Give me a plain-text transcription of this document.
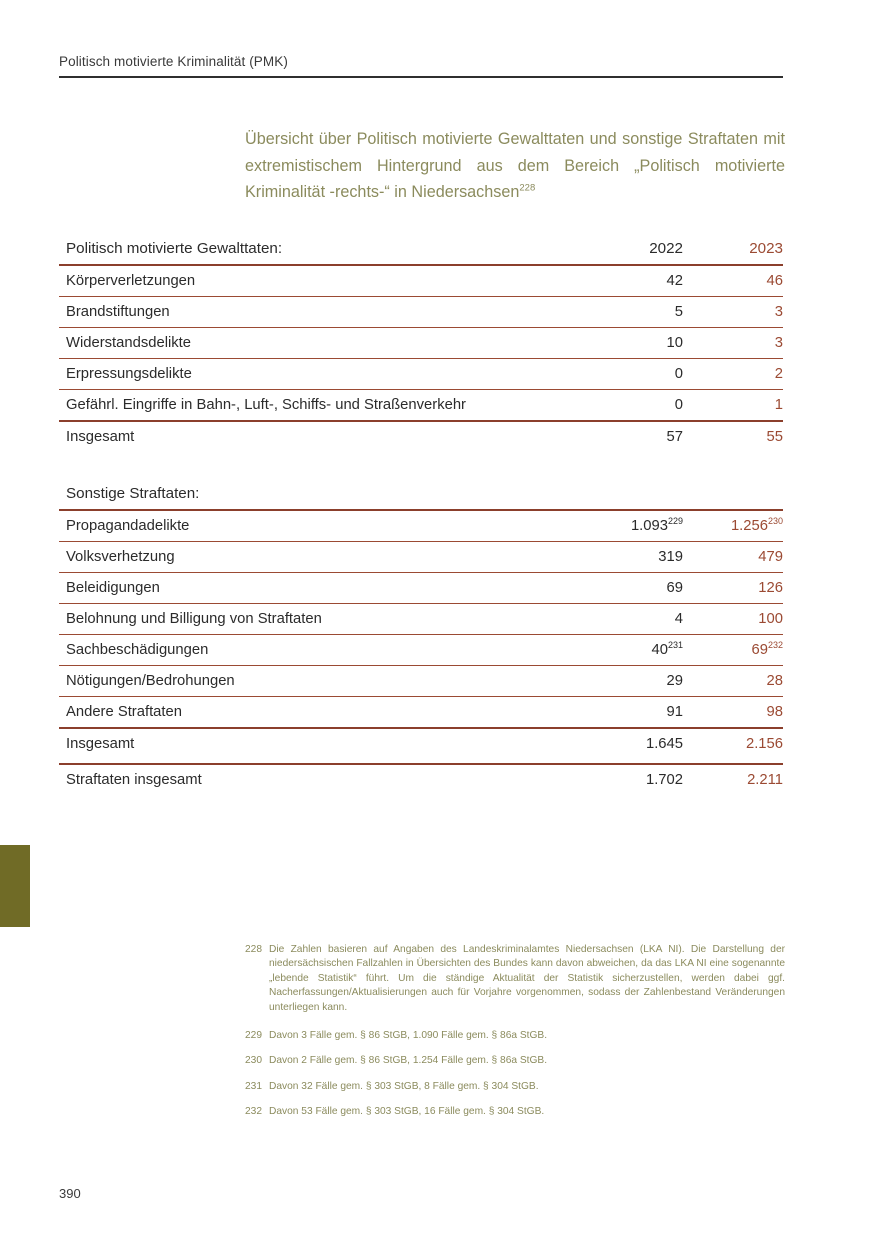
Politisch motivierte Kriminalität (PMK)
Übersicht über Politisch motivierte Gewalttaten und sonstige Straftaten mit extremistischem Hintergrund aus dem Bereich „Politisch motivierte Kriminalität -rechts-“ in Niedersachsen$^{228}$
Politisch motivierte Gewalttaten:	2022	2023
Körperverletzungen	42	46
Brandstiftungen	5	3
Widerstandsdelikte	10	3
Erpressungsdelikte	0	2
Gefährl. Eingriffe in Bahn-, Luft-, Schiffs- und Straßenverkehr	0	1
Insgesamt	57	55
Sonstige Straftaten:		
Propagandadelikte	1.093$^{229}$	1.256$^{230}$
Volksverhetzung	319	479
Beleidigungen	69	126
Belohnung und Billigung von Straftaten	4	100
Sachbeschädigungen	$40^{231}$	$69^{232}$
Nötigungen/Bedrohungen	29	28
Andere Straftaten	91	98
Insgesamt	1.645	2.156
Straftaten insgesamt	1.702	2.211
228 Die Zahlen basieren auf Angaben des Landeskriminalamtes Niedersachsen (LKA NI). Die Darstellung der niedersächsischen Fallzahlen in Übersichten des Bundes kann davon abweichen, da das LKA NI eine sogenannte „lebende Statistik“ führt. Um die ständige Aktualität der Statistik sicherzustellen, werden dabei ggf. Nacherfassungen/Aktualisierungen auch für Vorjahre vorgenommen, sodass der Zahlenbestand Veränderungen unterliegen kann.
229 Davon 3 Fälle gem. § 86 StGB, 1.090 Fälle gem. § 86a StGB.
230 Davon 2 Fälle gem. § 86 StGB, 1.254 Fälle gem. § 86a StGB.
231 Davon 32 Fälle gem. § 303 StGB, 8 Fälle gem. § 304 StGB.
232 Davon 53 Fälle gem. § 303 StGB, 16 Fälle gem. § 304 StGB.
390
